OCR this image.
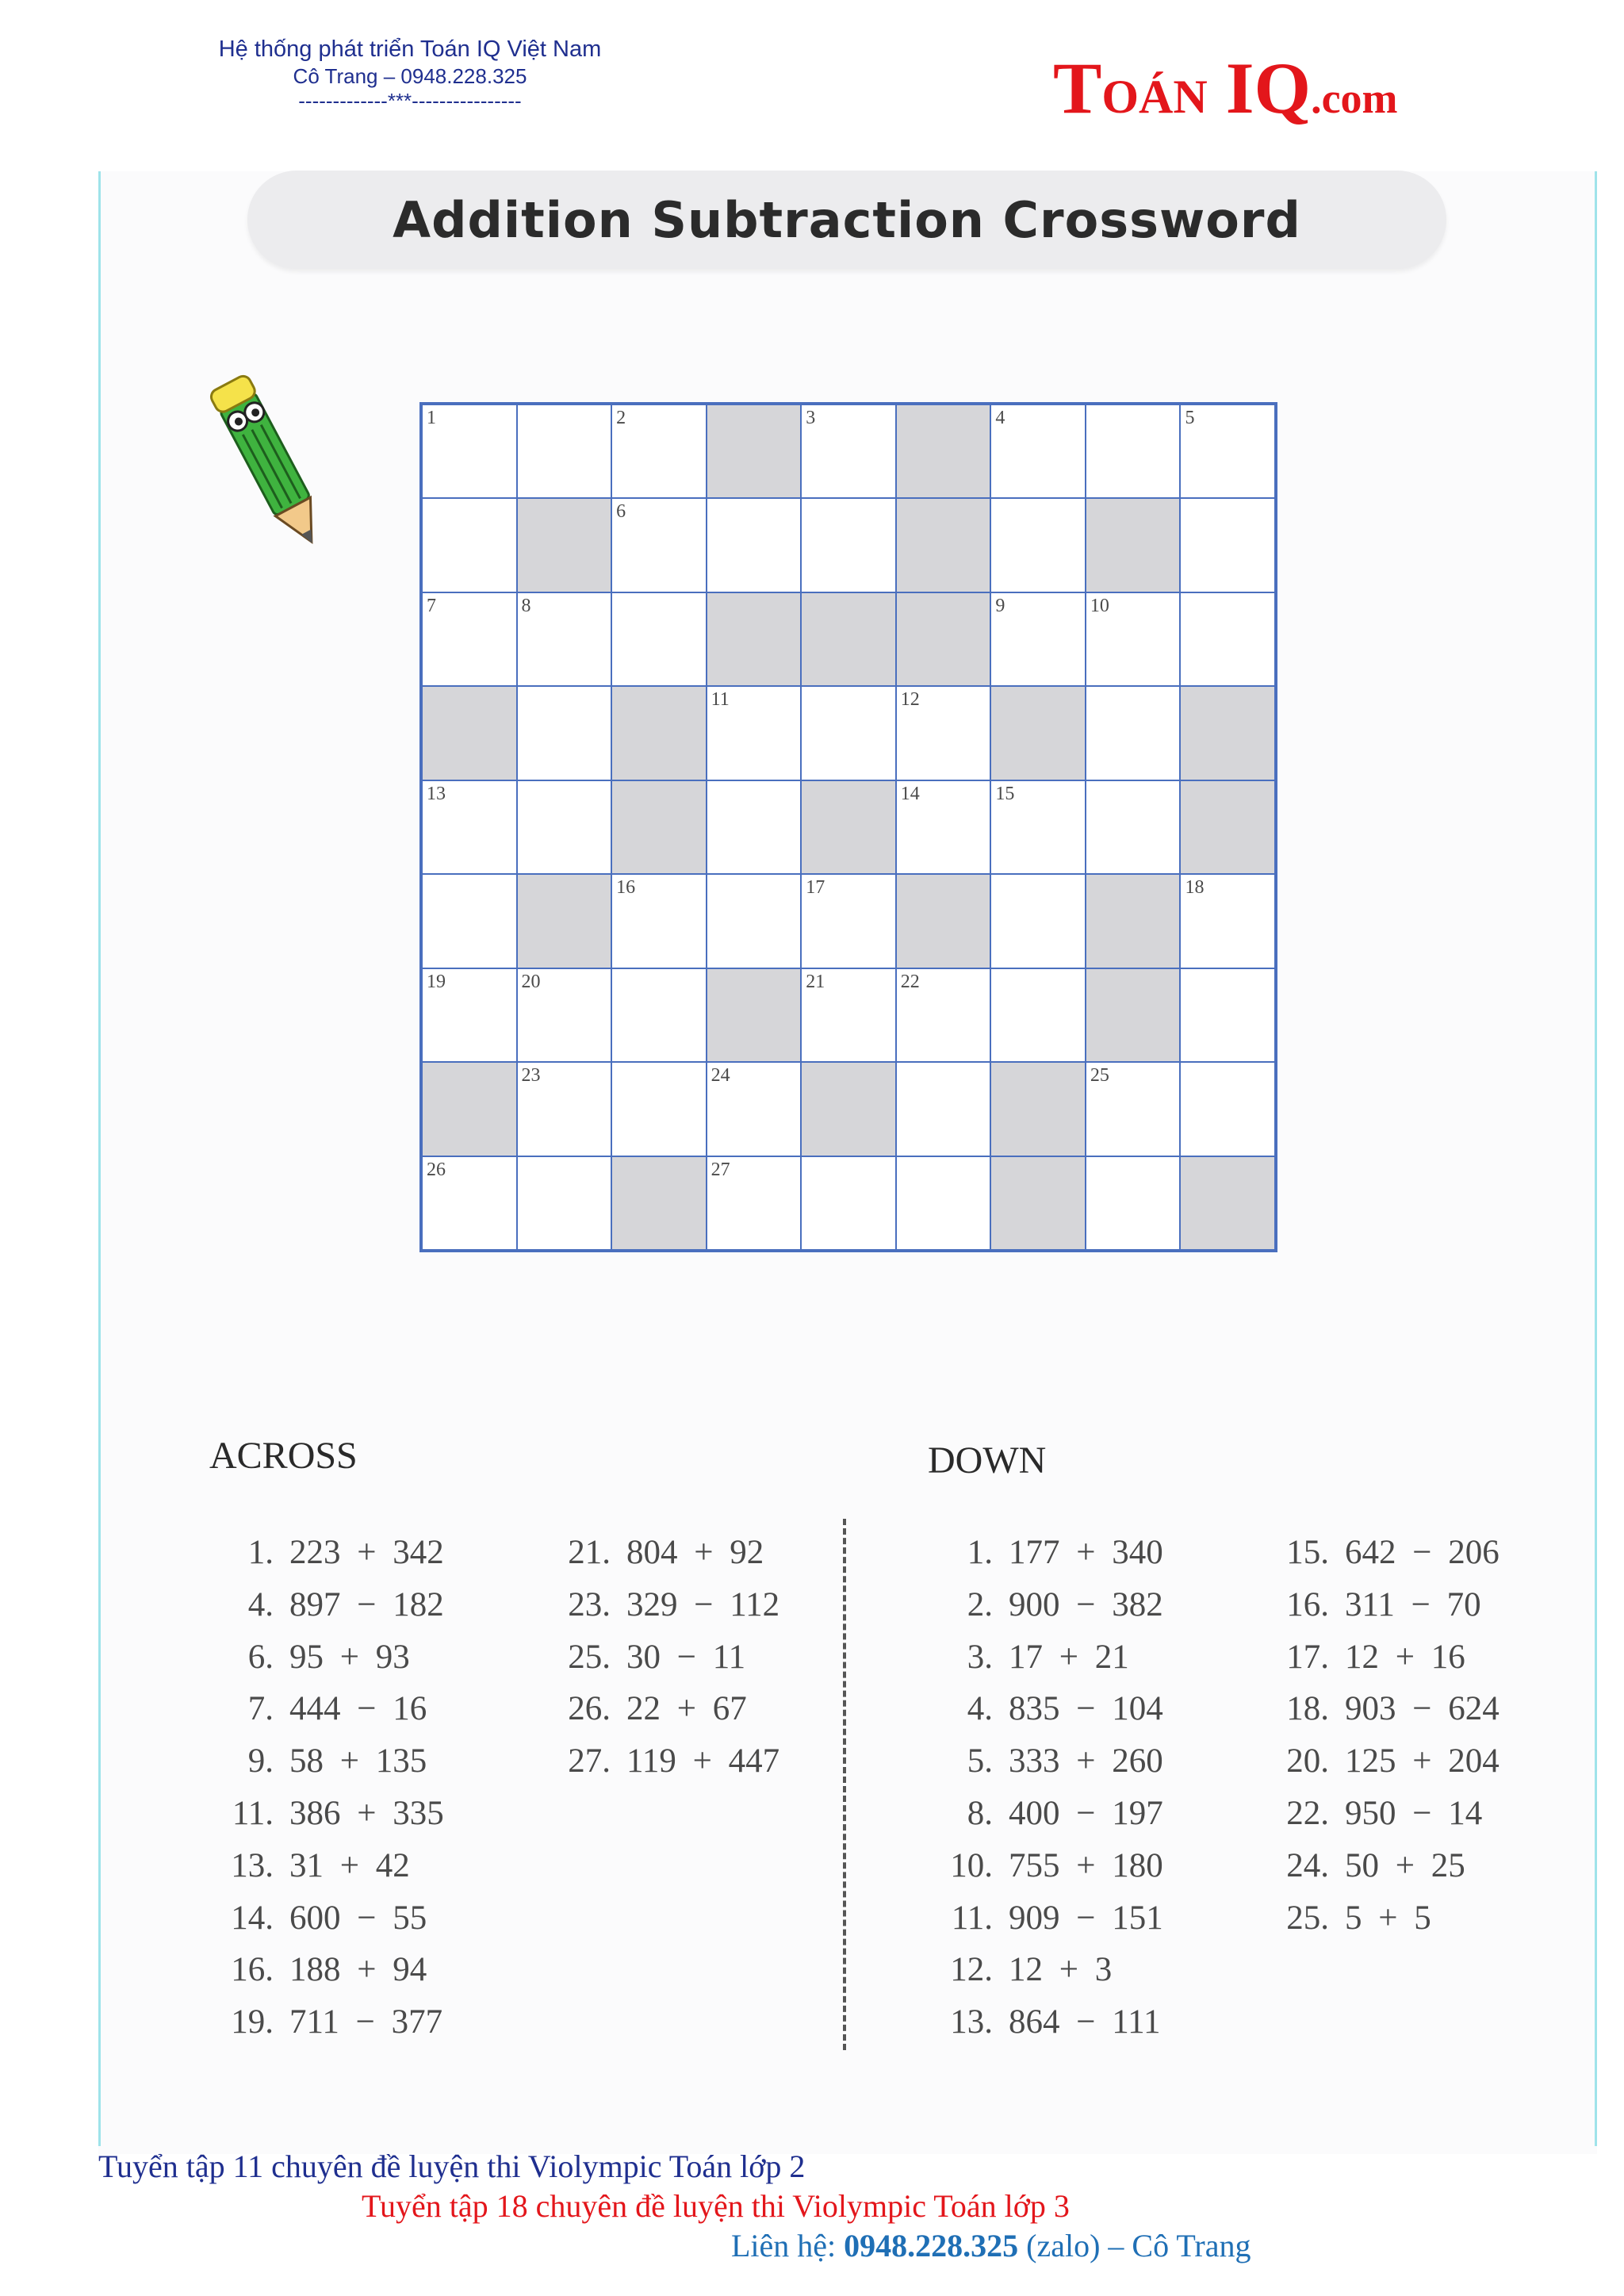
Hệ thống phát triển Toán IQ Việt Nam
Cô Trang – 0948.228.325
-------------***----------------	TOÁN IQ.com
Addition Subtraction Crossword
1	2	3	4	5
6
7	8	9	10
11	12
13	14	15
16	17	18
19	20	21	22
23	24	25
26	27
ACROSS	DOWN
1. 223 + 342
4. 897 − 182
6. 95 + 93
7. 444 − 16
9. 58 + 135
11. 386 + 335
13. 31 + 42
14. 600 − 55
16. 188 + 94
19. 711 − 377
21. 804 + 92
23. 329 − 112
25. 30 − 11
26. 22 + 67
27. 119 + 447
1. 177 + 340
2. 900 − 382
3. 17 + 21
4. 835 − 104
5. 333 + 260
8. 400 − 197
10. 755 + 180
11. 909 − 151
12. 12 + 3
13. 864 − 111
15. 642 − 206
16. 311 − 70
17. 12 + 16
18. 903 − 624
20. 125 + 204
22. 950 − 14
24. 50 + 25
25. 5 + 5
Tuyển tập 11 chuyên đề luyện thi Violympic Toán lớp 2
Tuyển tập 18 chuyên đề luyện thi Violympic Toán lớp 3
Liên hệ: 0948.228.325 (zalo) – Cô Trang
